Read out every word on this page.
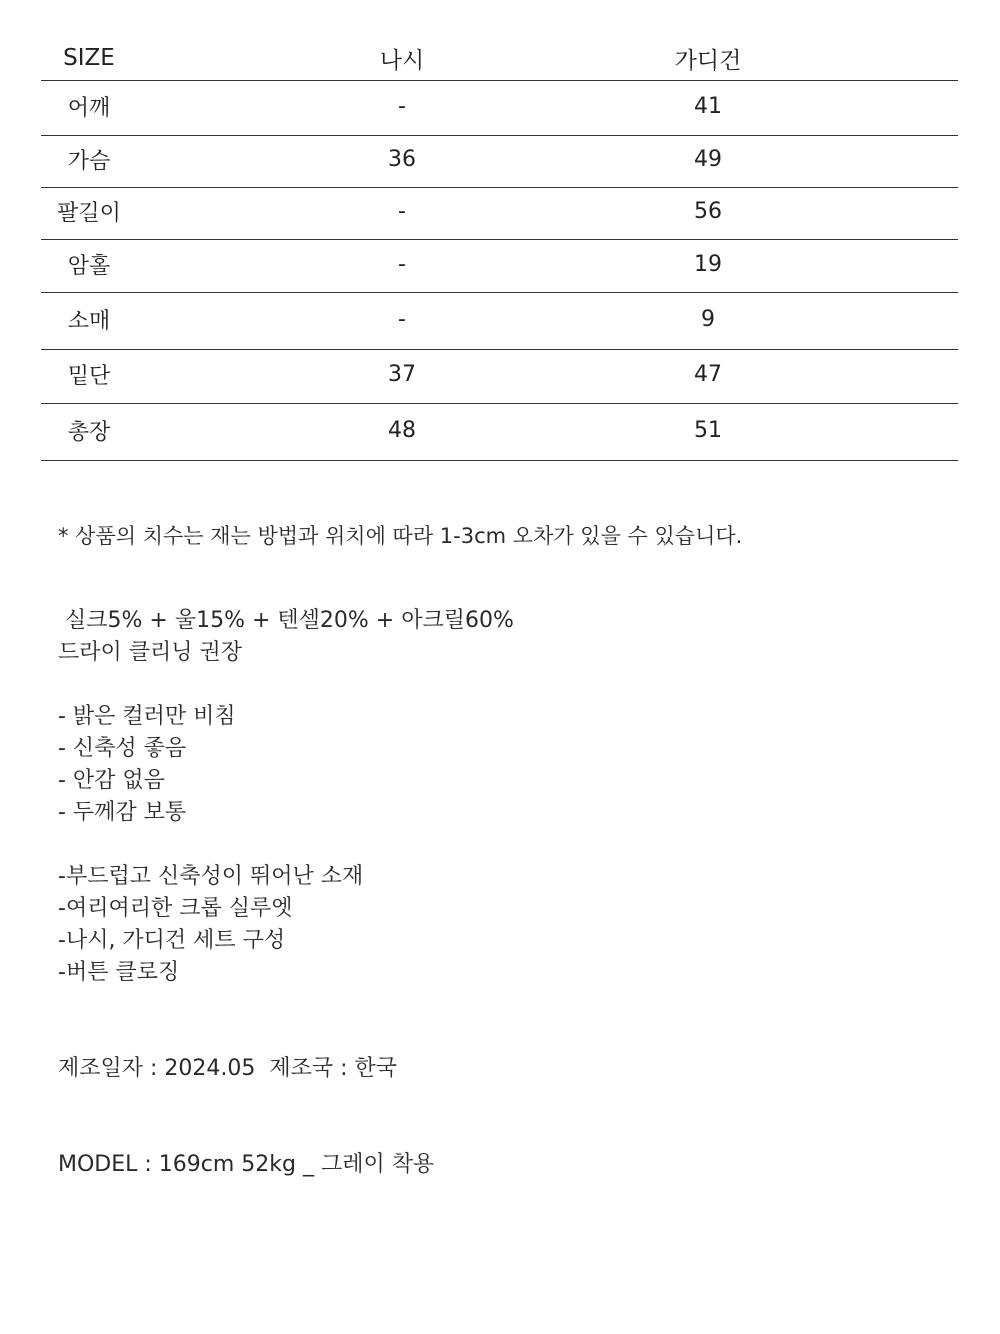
SIZE	나시	가디건
어깨	-	41
가슴	36	49
팔길이	-	56
암홀	-	19
소매	-	9
밑단	37	47
총장	48	51
* 상품의 치수는 재는 방법과 위치에 따라 1-3cm 오차가 있을 수 있습니다.
실크5% + 울15% + 텐셀20% + 아크릴60%
드라이 클리닝 권장
- 밝은 컬러만 비침
- 신축성 좋음
- 안감 없음
- 두께감 보통
-부드럽고 신축성이 뛰어난 소재
-여리여리한 크롭 실루엣
-나시, 가디건 세트 구성
-버튼 클로징
제조일자 : 2024.05  제조국 : 한국
MODEL : 169cm 52kg _ 그레이 착용
